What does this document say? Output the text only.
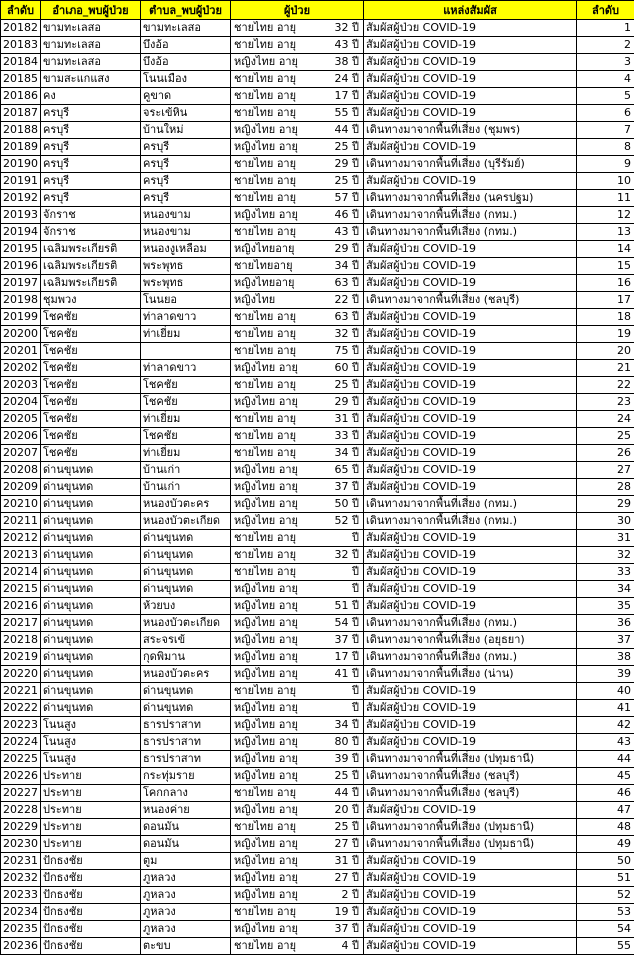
ลำดับ	อำเภอ_พบผู้ป่วย	ตำบล_พบผู้ป่วย	ผู้ป่วย	แหล่งสัมผัส	ลำดับ
20182	ขามทะเลสอ	ขามทะเลสอ	ชายไทย อายุ 32 ปี	สัมผัสผู้ป่วย COVID-19	1
20183	ขามทะเลสอ	บึงอ้อ	ชายไทย อายุ 43 ปี	สัมผัสผู้ป่วย COVID-19	2
20184	ขามทะเลสอ	บึงอ้อ	หญิงไทย อายุ 38 ปี	สัมผัสผู้ป่วย COVID-19	3
20185	ขามสะแกแสง	โนนเมือง	ชายไทย อายุ 24 ปี	สัมผัสผู้ป่วย COVID-19	4
20186	คง	คูขาด	ชายไทย อายุ 17 ปี	สัมผัสผู้ป่วย COVID-19	5
20187	ครบุรี	จระเข้หิน	ชายไทย อายุ 55 ปี	สัมผัสผู้ป่วย COVID-19	6
20188	ครบุรี	บ้านใหม่	หญิงไทย อายุ 44 ปี	เดินทางมาจากพื้นที่เสี่ยง (ชุมพร)	7
20189	ครบุรี	ครบุรี	หญิงไทย อายุ 25 ปี	สัมผัสผู้ป่วย COVID-19	8
20190	ครบุรี	ครบุรี	ชายไทย อายุ 29 ปี	เดินทางมาจากพื้นที่เสี่ยง (บุรีรัมย์)	9
20191	ครบุรี	ครบุรี	ชายไทย อายุ 25 ปี	สัมผัสผู้ป่วย COVID-19	10
20192	ครบุรี	ครบุรี	ชายไทย อายุ 57 ปี	เดินทางมาจากพื้นที่เสี่ยง (นครปฐม)	11
20193	จักราช	หนองขาม	หญิงไทย อายุ 46 ปี	เดินทางมาจากพื้นที่เสี่ยง (กทม.)	12
20194	จักราช	หนองขาม	ชายไทย อายุ 43 ปี	เดินทางมาจากพื้นที่เสี่ยง (กทม.)	13
20195	เฉลิมพระเกียรติ	หนองงูเหลือม	หญิงไทยอายุ 29 ปี	สัมผัสผู้ป่วย COVID-19	14
20196	เฉลิมพระเกียรติ	พระพุทธ	ชายไทยอายุ 34 ปี	สัมผัสผู้ป่วย COVID-19	15
20197	เฉลิมพระเกียรติ	พระพุทธ	หญิงไทยอายุ 63 ปี	สัมผัสผู้ป่วย COVID-19	16
20198	ชุมพวง	โนนยอ	หญิงไทย 22 ปี	เดินทางมาจากพื้นที่เสี่ยง (ชลบุรี)	17
20199	โชคชัย	ท่าลาดขาว	ชายไทย อายุ 63 ปี	สัมผัสผู้ป่วย COVID-19	18
20200	โชคชัย	ท่าเยี่ยม	ชายไทย อายุ 32 ปี	สัมผัสผู้ป่วย COVID-19	19
20201	โชคชัย		ชายไทย อายุ 75 ปี	สัมผัสผู้ป่วย COVID-19	20
20202	โชคชัย	ท่าลาดขาว	หญิงไทย อายุ 60 ปี	สัมผัสผู้ป่วย COVID-19	21
20203	โชคชัย	โชคชัย	ชายไทย อายุ 25 ปี	สัมผัสผู้ป่วย COVID-19	22
20204	โชคชัย	โชคชัย	หญิงไทย อายุ 29 ปี	สัมผัสผู้ป่วย COVID-19	23
20205	โชคชัย	ท่าเยี่ยม	ชายไทย อายุ 31 ปี	สัมผัสผู้ป่วย COVID-19	24
20206	โชคชัย	โชคชัย	ชายไทย อายุ 33 ปี	สัมผัสผู้ป่วย COVID-19	25
20207	โชคชัย	ท่าเยี่ยม	ชายไทย อายุ 34 ปี	สัมผัสผู้ป่วย COVID-19	26
20208	ด่านขุนทด	บ้านเก่า	หญิงไทย อายุ 65 ปี	สัมผัสผู้ป่วย COVID-19	27
20209	ด่านขุนทด	บ้านเก่า	หญิงไทย อายุ 37 ปี	สัมผัสผู้ป่วย COVID-19	28
20210	ด่านขุนทด	หนองบัวตะคร	หญิงไทย อายุ 50 ปี	เดินทางมาจากพื้นที่เสี่ยง (กทม.)	29
20211	ด่านขุนทด	หนองบัวตะเกียด	หญิงไทย อายุ 52 ปี	เดินทางมาจากพื้นที่เสี่ยง (กทม.)	30
20212	ด่านขุนทด	ด่านขุนทด	ชายไทย อายุ ปี	สัมผัสผู้ป่วย COVID-19	31
20213	ด่านขุนทด	ด่านขุนทด	ชายไทย อายุ 32 ปี	สัมผัสผู้ป่วย COVID-19	32
20214	ด่านขุนทด	ด่านขุนทด	ชายไทย อายุ ปี	สัมผัสผู้ป่วย COVID-19	33
20215	ด่านขุนทด	ด่านขุนทด	หญิงไทย อายุ ปี	สัมผัสผู้ป่วย COVID-19	34
20216	ด่านขุนทด	ห้วยบง	หญิงไทย อายุ 51 ปี	สัมผัสผู้ป่วย COVID-19	35
20217	ด่านขุนทด	หนองบัวตะเกียด	หญิงไทย อายุ 54 ปี	เดินทางมาจากพื้นที่เสี่ยง (กทม.)	36
20218	ด่านขุนทด	สระจรเข้	หญิงไทย อายุ 37 ปี	เดินทางมาจากพื้นที่เสี่ยง (อยุธยา)	37
20219	ด่านขุนทด	กุดพิมาน	หญิงไทย อายุ 17 ปี	เดินทางมาจากพื้นที่เสี่ยง (กทม.)	38
20220	ด่านขุนทด	หนองบัวตะคร	หญิงไทย อายุ 41 ปี	เดินทางมาจากพื้นที่เสี่ยง (น่าน)	39
20221	ด่านขุนทด	ด่านขุนทด	ชายไทย อายุ ปี	สัมผัสผู้ป่วย COVID-19	40
20222	ด่านขุนทด	ด่านขุนทด	หญิงไทย อายุ ปี	สัมผัสผู้ป่วย COVID-19	41
20223	โนนสูง	ธารปราสาท	หญิงไทย อายุ 34 ปี	สัมผัสผู้ป่วย COVID-19	42
20224	โนนสูง	ธารปราสาท	หญิงไทย อายุ 80 ปี	สัมผัสผู้ป่วย COVID-19	43
20225	โนนสูง	ธารปราสาท	หญิงไทย อายุ 39 ปี	เดินทางมาจากพื้นที่เสี่ยง (ปทุมธานี)	44
20226	ประทาย	กระทุ่มราย	หญิงไทย อายุ 25 ปี	เดินทางมาจากพื้นที่เสี่ยง (ชลบุรี)	45
20227	ประทาย	โคกกลาง	ชายไทย อายุ 44 ปี	เดินทางมาจากพื้นที่เสี่ยง (ชลบุรี)	46
20228	ประทาย	หนองค่าย	หญิงไทย อายุ 20 ปี	สัมผัสผู้ป่วย COVID-19	47
20229	ประทาย	ดอนมัน	ชายไทย อายุ 25 ปี	เดินทางมาจากพื้นที่เสี่ยง (ปทุมธานี)	48
20230	ประทาย	ดอนมัน	หญิงไทย อายุ 27 ปี	เดินทางมาจากพื้นที่เสี่ยง (ปทุมธานี)	49
20231	ปักธงชัย	ตูม	หญิงไทย อายุ 31 ปี	สัมผัสผู้ป่วย COVID-19	50
20232	ปักธงชัย	ภูหลวง	หญิงไทย อายุ 27 ปี	สัมผัสผู้ป่วย COVID-19	51
20233	ปักธงชัย	ภูหลวง	หญิงไทย อายุ 2 ปี	สัมผัสผู้ป่วย COVID-19	52
20234	ปักธงชัย	ภูหลวง	ชายไทย อายุ 19 ปี	สัมผัสผู้ป่วย COVID-19	53
20235	ปักธงชัย	ภูหลวง	หญิงไทย อายุ 37 ปี	สัมผัสผู้ป่วย COVID-19	54
20236	ปักธงชัย	ตะขบ	ชายไทย อายุ 4 ปี	สัมผัสผู้ป่วย COVID-19	55
